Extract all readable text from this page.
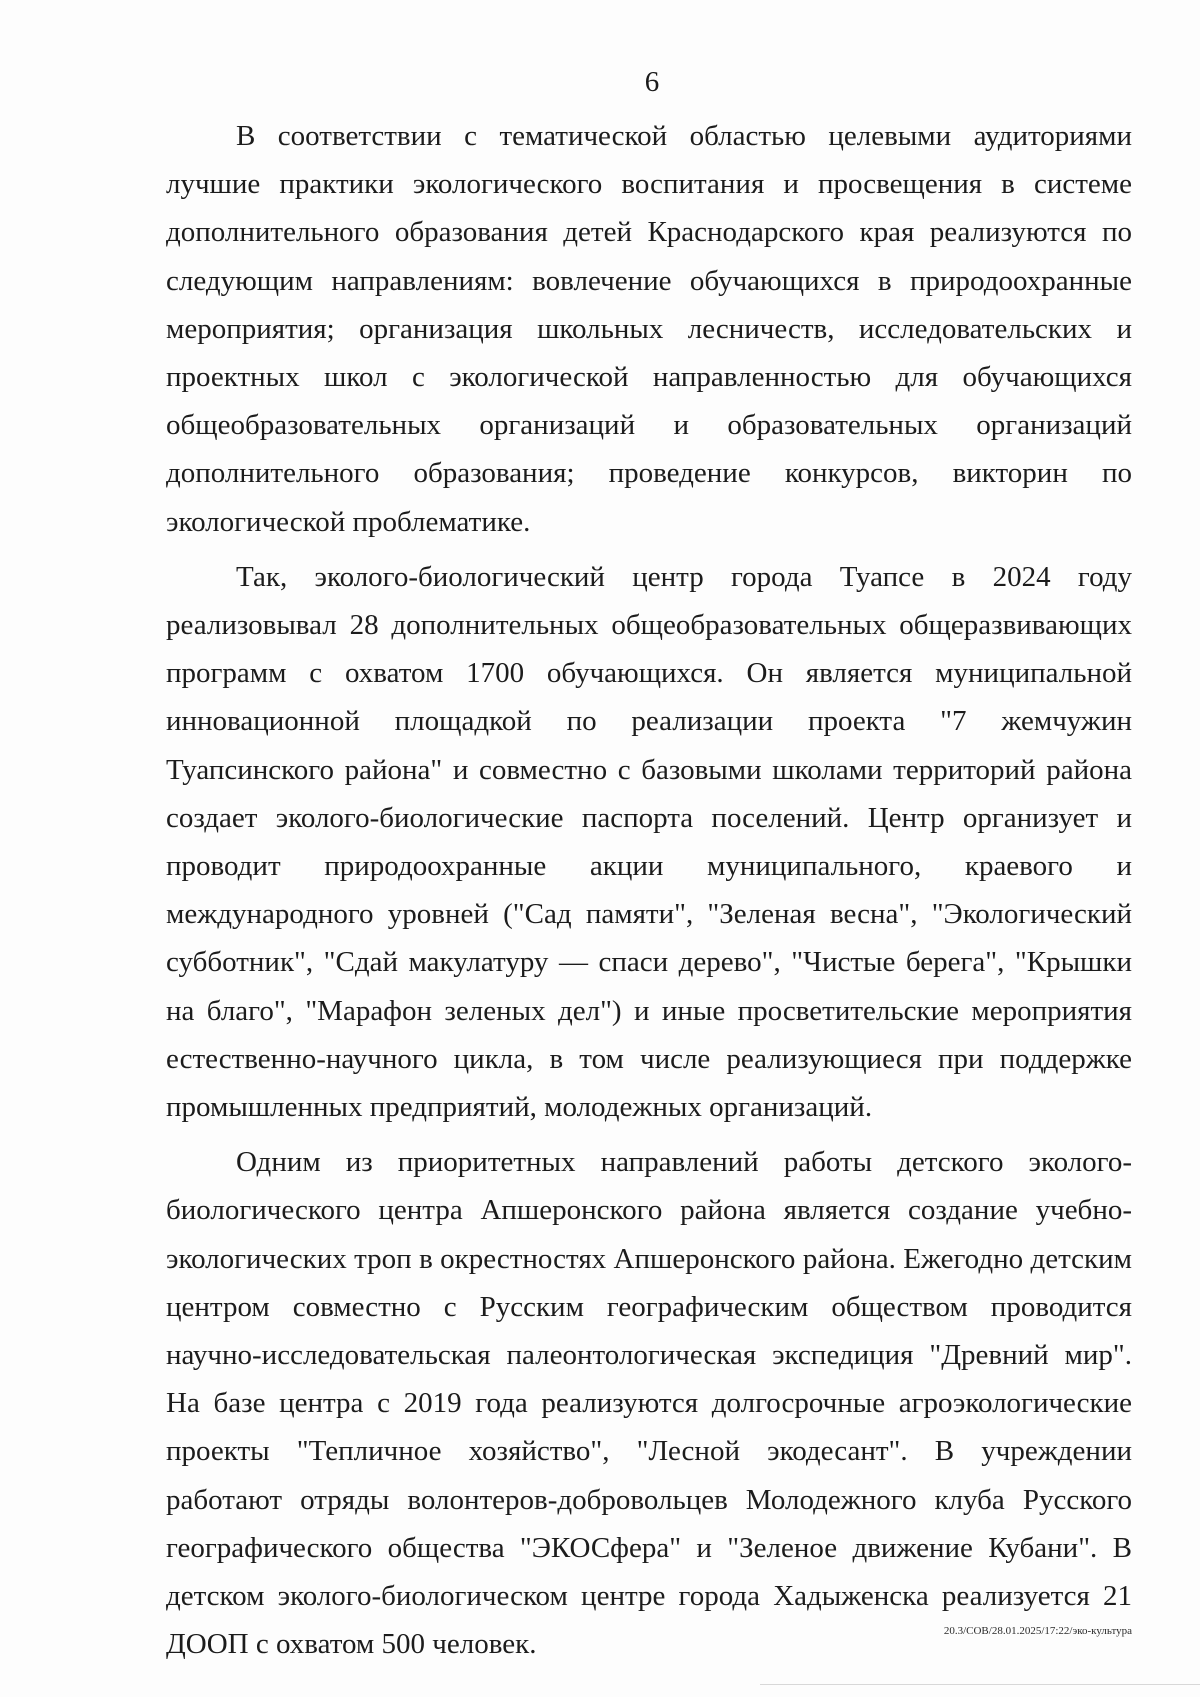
6

В соответствии с тематической областью целевыми аудиториями лучшие практики экологического воспитания и просвещения в системе дополнительного образования детей Краснодарского края реализуются по следующим направлениям: вовлечение обучающихся в природоохранные мероприятия; организация школьных лесничеств, исследовательских и проектных школ с экологической направленностью для обучающихся общеобразовательных организаций и образовательных организаций дополнительного образования; проведение конкурсов, викторин по экологической проблематике.

Так, эколого-биологический центр города Туапсе в 2024 году реализовывал 28 дополнительных общеобразовательных общеразвивающих программ с охватом 1700 обучающихся. Он является муниципальной инновационной площадкой по реализации проекта "7 жемчужин Туапсинского района" и совместно с базовыми школами территорий района создает эколого-биологические паспорта поселений. Центр организует и проводит природоохранные акции муниципального, краевого и международного уровней ("Сад памяти", "Зеленая весна", "Экологический субботник", "Сдай макулатуру — спаси дерево", "Чистые берега", "Крышки на благо", "Марафон зеленых дел") и иные просветительские мероприятия естественно-научного цикла, в том числе реализующиеся при поддержке промышленных предприятий, молодежных организаций.

Одним из приоритетных направлений работы детского эколого-биологического центра Апшеронского района является создание учебно-экологических троп в окрестностях Апшеронского района. Ежегодно детским центром совместно с Русским географическим обществом проводится научно-исследовательская палеонтологическая экспедиция "Древний мир". На базе центра с 2019 года реализуются долгосрочные агроэкологические проекты "Тепличное хозяйство", "Лесной экодесант". В учреждении работают отряды волонтеров-добровольцев Молодежного клуба Русского географического общества "ЭКОСфера" и "Зеленое движение Кубани". В детском эколого-биологическом центре города Хадыженска реализуется 21 ДООП с охватом 500 человек.	20.3/СОВ/28.01.2025/17:22/эко-культура
